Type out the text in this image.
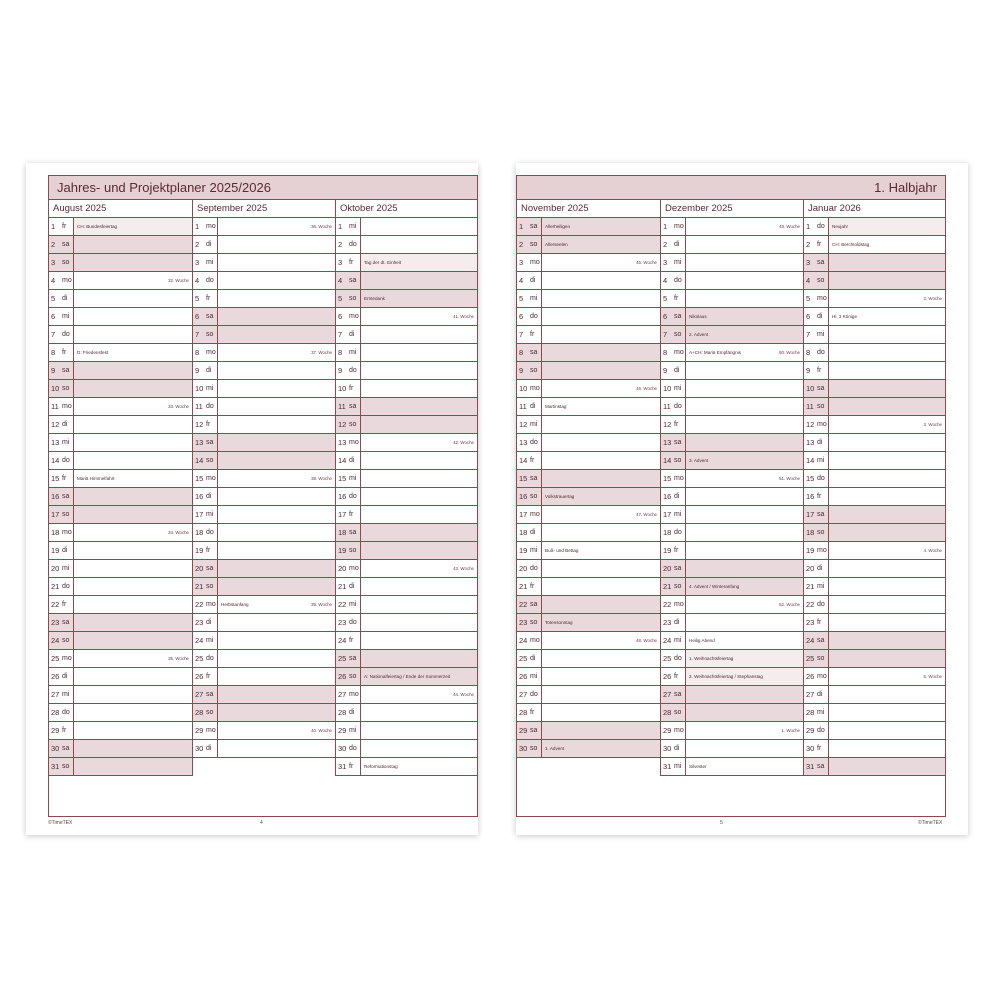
Jahres- und Projektplaner 2025/2026
August 2025
1 fr	CH: Bundesfeiertag
2 sa
3 so
4 mo	32. Woche
5 di
6 mi
7 do
8 fr	D: Friedensfest
9 sa
10 so
11 mo	33. Woche
12 di
13 mi
14 do
15 fr	Mariä Himmelfahrt
16 sa
17 so
18 mo	34. Woche
19 di
20 mi
21 do
22 fr
23 sa
24 so
25 mo	35. Woche
26 di
27 mi
28 do
29 fr
30 sa
31 so
September 2025
1 mo	36. Woche
2 di
3 mi
4 do
5 fr
6 sa
7 so
8 mo	37. Woche
9 di
10 mi
11 do
12 fr
13 sa
14 so
15 mo	38. Woche
16 di
17 mi
18 do
19 fr
20 sa
21 so
22 mo	Herbstanfang	39. Woche
23 di
24 mi
25 do
26 fr
27 sa
28 so
29 mo	40. Woche
30 di
Oktober 2025
1 mi
2 do
3 fr	Tag der dt. Einheit
4 sa
5 so	Erntedank
6 mo	41. Woche
7 di
8 mi
9 do
10 fr
11 sa
12 so
13 mo	42. Woche
14 di
15 mi
16 do
17 fr
18 sa
19 so
20 mo	43. Woche
21 di
22 mi
23 do
24 fr
25 sa
26 so	A: Nationalfeiertag / Ende der Sommerzeit
27 mo	44. Woche
28 di
29 mi
30 do
31 fr	Reformationstag
©TimeTEX	4
1. Halbjahr
November 2025
1 sa	Allerheiligen
2 so	Allerseelen
3 mo	45. Woche
4 di
5 mi
6 do
7 fr
8 sa
9 so
10 mo	46. Woche
11 di	Martinstag
12 mi
13 do
14 fr
15 sa
16 so	Volkstrauertag
17 mo	47. Woche
18 di
19 mi	Buß- und Bettag
20 do
21 fr
22 sa
23 so	Totensonntag
24 mo	48. Woche
25 di
26 mi
27 do
28 fr
29 sa
30 so	1. Advent
Dezember 2025
1 mo	49. Woche
2 di
3 mi
4 do
5 fr
6 sa	Nikolaus
7 so	2. Advent
8 mo	A+CH: Mariä Empfängnis	50. Woche
9 di
10 mi
11 do
12 fr
13 sa
14 so	3. Advent
15 mo	51. Woche
16 di
17 mi
18 do
19 fr
20 sa
21 so	4. Advent / Winteranfang
22 mo	52. Woche
23 di
24 mi	Heilig Abend
25 do	1. Weihnachtsfeiertag
26 fr	2. Weihnachtsfeiertag / Stephanstag
27 sa
28 so
29 mo	1. Woche
30 di
31 mi	Silvester
Januar 2026
1 do	Neujahr
2 fr	CH: Berchtoldstag
3 sa
4 so
5 mo	2. Woche
6 di	Hl. 3 Könige
7 mi
8 do
9 fr
10 sa
11 so
12 mo	3. Woche
13 di
14 mi
15 do
16 fr
17 sa
18 so
19 mo	4. Woche
20 di
21 mi
22 do
23 fr
24 sa
25 so
26 mo	5. Woche
27 di
28 mi
29 do
30 fr
31 sa
5	©TimeTEX
